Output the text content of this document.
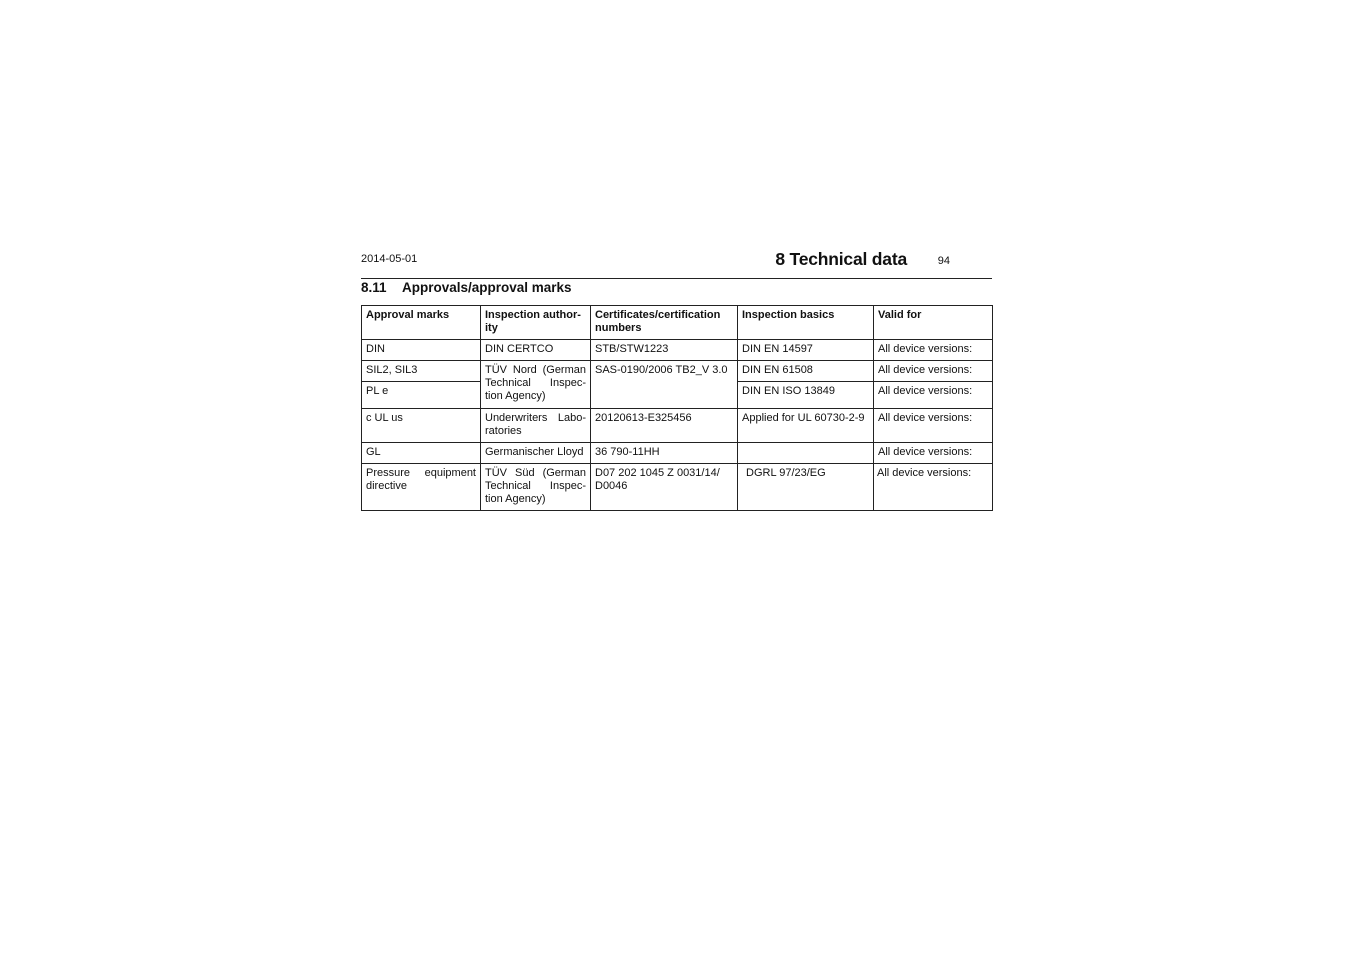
2014-05-01	8 Technical data	94
8.11 Approvals/approval marks
Approval marks	Inspection author-ity	Certificates/certification numbers	Inspection basics	Valid for
DIN	DIN CERTCO	STB/STW1223	DIN EN 14597	All device versions:
SIL2, SIL3	TÜV Nord (German Technical Inspec-tion Agency)	SAS-0190/2006 TB2_V 3.0	DIN EN 61508	All device versions:
PL e			DIN EN ISO 13849	All device versions:
c UL us	Underwriters Labo-ratories	20120613-E325456	Applied for UL 60730-2-9	All device versions:
GL	Germanischer Lloyd	36 790-11HH		All device versions:
Pressure equipment directive	TÜV Süd (German Technical Inspec-tion Agency)	D07 202 1045 Z 0031/14/ D0046	DGRL 97/23/EG	All device versions:
